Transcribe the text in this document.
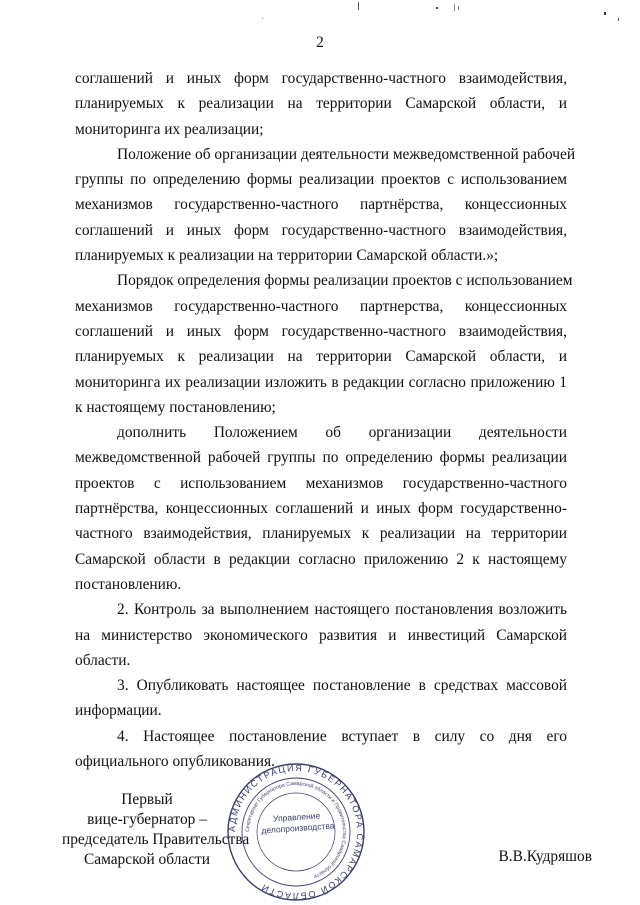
2
соглашений и иных форм государственно-частного взаимодействия,
планируемых к реализации на территории Самарской области, и
мониторинга их реализации;
Положение об организации деятельности межведомственной рабочей
группы по определению формы реализации проектов с использованием
механизмов государственно-частного партнёрства, концессионных
соглашений и иных форм государственно-частного взаимодействия,
планируемых к реализации на территории Самарской области.»;
Порядок определения формы реализации проектов с использованием
механизмов государственно-частного партнерства, концессионных
соглашений и иных форм государственно-частного взаимодействия,
планируемых к реализации на территории Самарской области, и
мониторинга их реализации изложить в редакции согласно приложению 1
к настоящему постановлению;
дополнить Положением об организации деятельности
межведомственной рабочей группы по определению формы реализации
проектов с использованием механизмов государственно-частного
партнёрства, концессионных соглашений и иных форм государственно-
частного взаимодействия, планируемых к реализации на территории
Самарской области в редакции согласно приложению 2 к настоящему
постановлению.
2. Контроль за выполнением настоящего постановления возложить
на министерство экономического развития и инвестиций Самарской
области.
3. Опубликовать настоящее постановление в средствах массовой
информации.
4. Настоящее постановление вступает в силу со дня его
официального опубликования.
Первый
вице-губернатор –
председатель Правительства
Самарской области
АДМИНИСТРАЦИЯ ГУБЕРНАТОРА САМАРСКОЙ ОБЛАСТИ
Секретариат Губернатора Самарской области и Правительства Самарской области
Управление
делопроизводства
В.В.Кудряшов
